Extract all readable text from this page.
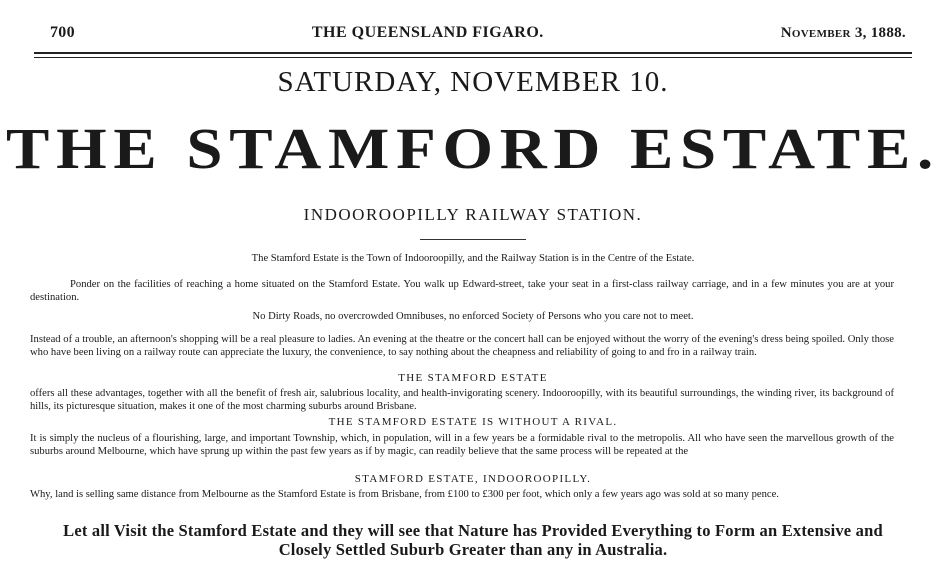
700	THE QUEENSLAND FIGARO.	November 3, 1888.
SATURDAY, NOVEMBER 10.
THE STAMFORD ESTATE.
INDOOROOPILLY RAILWAY STATION.

The Stamford Estate is the Town of Indooroopilly, and the Railway Station is in the Centre of the Estate.

Ponder on the facilities of reaching a home situated on the Stamford Estate. You walk up Edward-street, take your seat in a first-class railway carriage, and in a few minutes you are at your destination.

No Dirty Roads, no overcrowded Omnibuses, no enforced Society of Persons who you care not to meet.

Instead of a trouble, an afternoon's shopping will be a real pleasure to ladies. An evening at the theatre or the concert hall can be enjoyed without the worry of the evening's dress being spoiled. Only those who have been living on a railway route can appreciate the luxury, the convenience, to say nothing about the cheapness and reliability of going to and fro in a railway train.

THE STAMFORD ESTATE

offers all these advantages, together with all the benefit of fresh air, salubrious locality, and health-invigorating scenery. Indooroopilly, with its beautiful surroundings, the winding river, its background of hills, its picturesque situation, makes it one of the most charming suburbs around Brisbane.

THE STAMFORD ESTATE IS WITHOUT A RIVAL.

It is simply the nucleus of a flourishing, large, and important Township, which, in population, will in a few years be a formidable rival to the metropolis. All who have seen the marvellous growth of the suburbs around Melbourne, which have sprung up within the past few years as if by magic, can readily believe that the same process will be repeated at the

STAMFORD ESTATE, INDOOROOPILLY.

Why, land is selling same distance from Melbourne as the Stamford Estate is from Brisbane, from £100 to £300 per foot, which only a few years ago was sold at so many pence.

Let all Visit the Stamford Estate and they will see that Nature has Provided Everything to Form an Extensive and Closely Settled Suburb Greater than any in Australia.
